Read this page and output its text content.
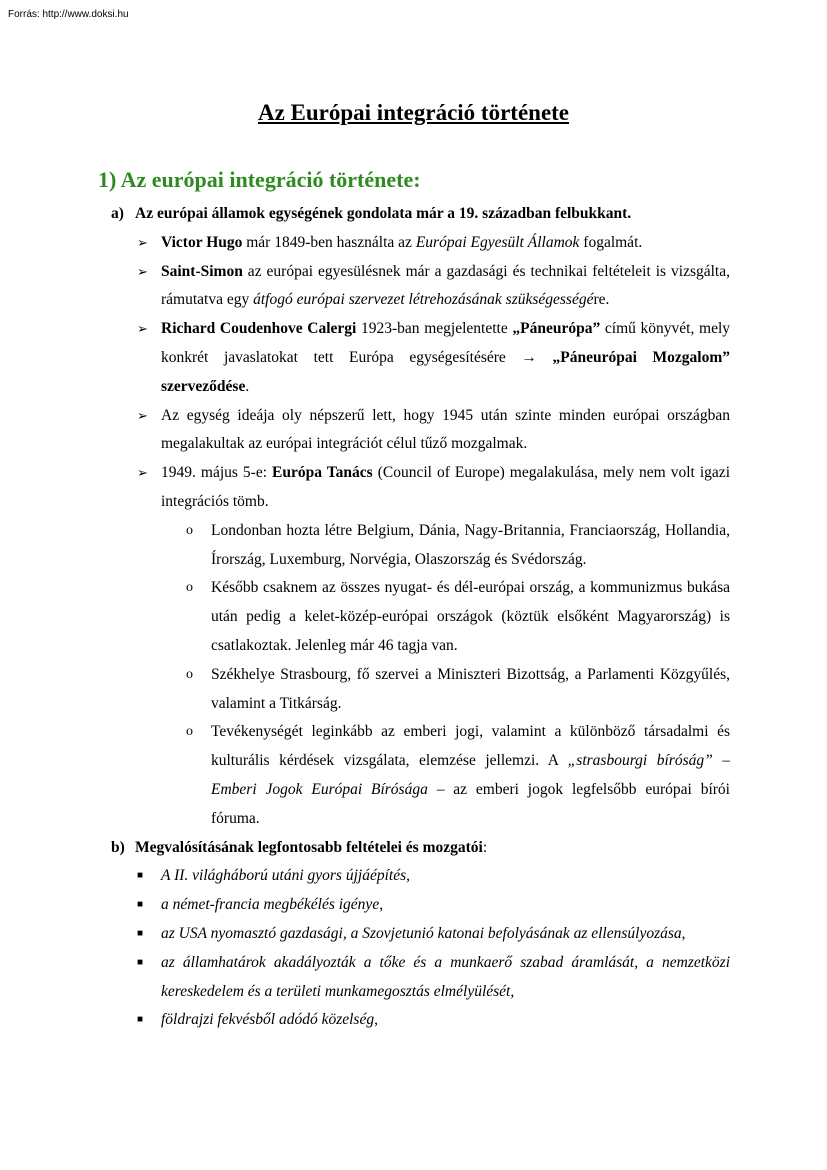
Forrás: http://www.doksi.hu
Az Európai integráció története
1) Az európai integráció története:
a) Az európai államok egységének gondolata már a 19. században felbukkant.
➢ Victor Hugo már 1849-ben használta az Európai Egyesült Államok fogalmát.
➢ Saint-Simon az európai egyesülésnek már a gazdasági és technikai feltételeit is vizsgálta, rámutatva egy átfogó európai szervezet létrehozásának szükségességére.
➢ Richard Coudenhove Calergi 1923-ban megjelentette „Páneurópa” című könyvét, mely konkrét javaslatokat tett Európa egységesítésére → „Páneurópai Mozgalom” szerveződése.
➢ Az egység ideája oly népszerű lett, hogy 1945 után szinte minden európai országban megalakultak az európai integrációt célul tűző mozgalmak.
➢ 1949. május 5-e: Európa Tanács (Council of Europe) megalakulása, mely nem volt igazi integrációs tömb.
o Londonban hozta létre Belgium, Dánia, Nagy-Britannia, Franciaország, Hollandia, Írország, Luxemburg, Norvégia, Olaszország és Svédország.
o Később csaknem az összes nyugat- és dél-európai ország, a kommunizmus bukása után pedig a kelet-közép-európai országok (köztük elsőként Magyarország) is csatlakoztak. Jelenleg már 46 tagja van.
o Székhelye Strasbourg, fő szervei a Miniszteri Bizottság, a Parlamenti Közgyűlés, valamint a Titkárság.
o Tevékenységét leginkább az emberi jogi, valamint a különböző társadalmi és kulturális kérdések vizsgálata, elemzése jellemzi. A „strasbourgi bíróság” – Emberi Jogok Európai Bírósága – az emberi jogok legfelsőbb európai bírói fóruma.
b) Megvalósításának legfontosabb feltételei és mozgatói:
■ A II. világháború utáni gyors újjáépítés,
■ a német-francia megbékélés igénye,
■ az USA nyomasztó gazdasági, a Szovjetunió katonai befolyásának az ellensúlyozása,
■ az államhatárok akadályozták a tőke és a munkaerő szabad áramlását, a nemzetközi kereskedelem és a területi munkamegosztás elmélyülését,
■ földrajzi fekvésből adódó közelség,
